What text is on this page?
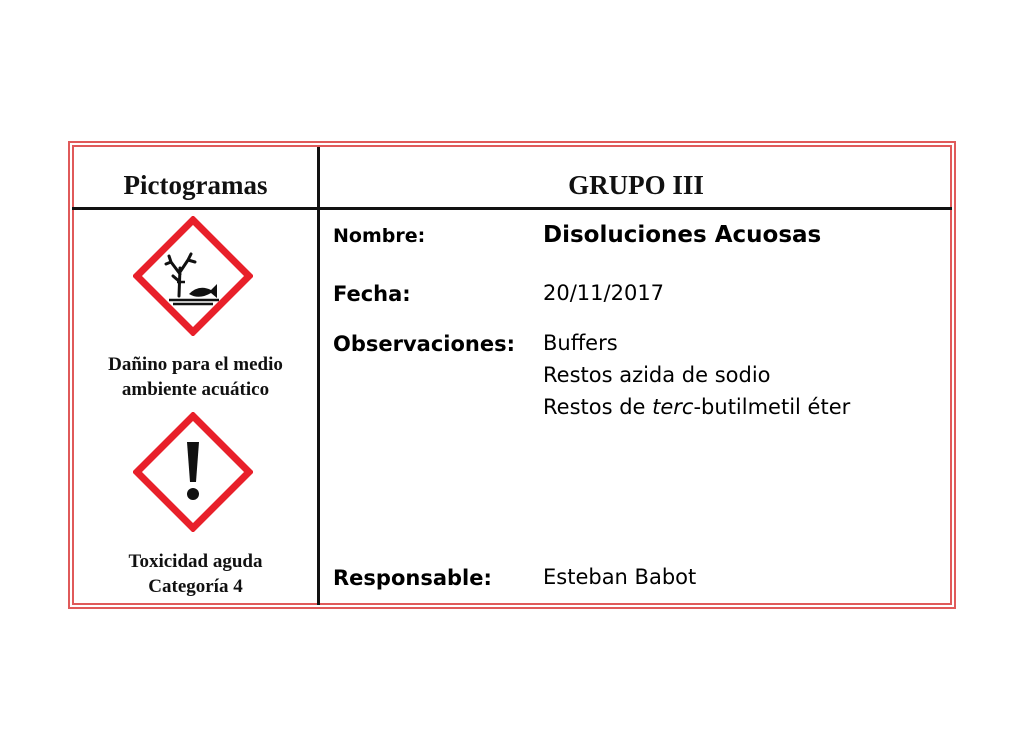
Pictogramas	GRUPO III
Dañino para el medio
ambiente acuático
Toxicidad aguda
Categoría 4
Nombre:	Disoluciones Acuosas
Fecha:	20/11/2017
Observaciones: Buffers
Restos azida de sodio
Restos de terc-butilmetil éter
Responsable: Esteban Babot
